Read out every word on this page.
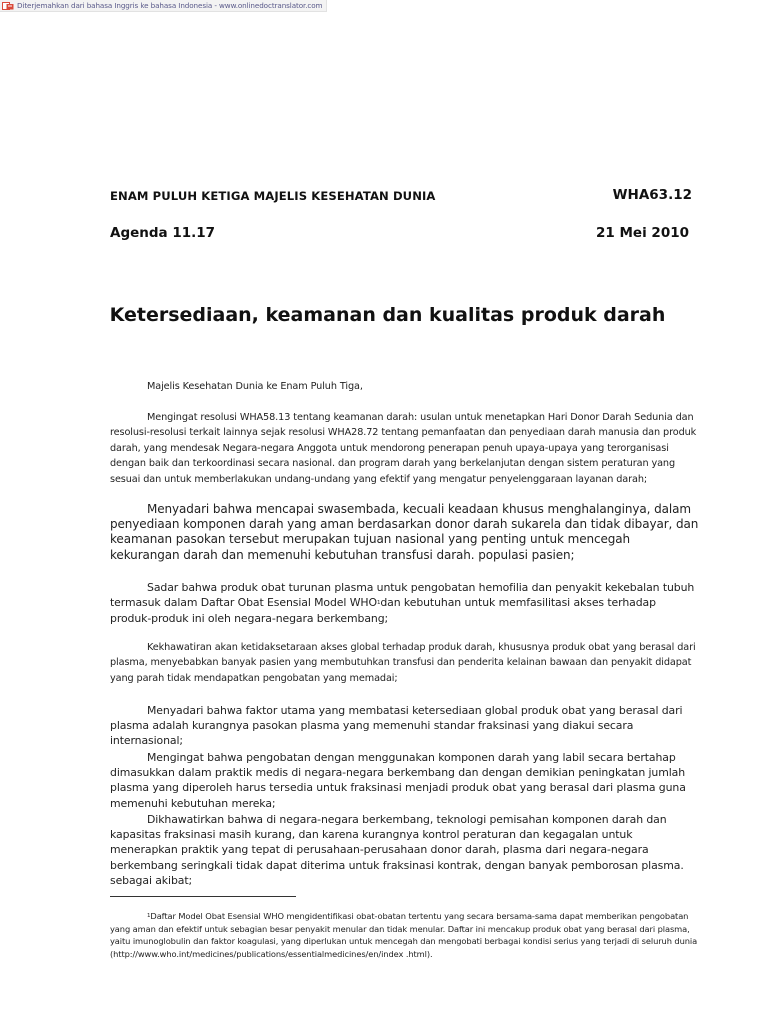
Diterjemahkan dari bahasa Inggris ke bahasa Indonesia - www.onlinedoctranslator.com
ENAM PULUH KETIGA MAJELIS KESEHATAN DUNIA	WHA63.12
Agenda 11.17	21 Mei 2010
Ketersediaan, keamanan dan kualitas produk darah

Majelis Kesehatan Dunia ke Enam Puluh Tiga,

Mengingat resolusi WHA58.13 tentang keamanan darah: usulan untuk menetapkan Hari Donor Darah Sedunia dan resolusi-resolusi terkait lainnya sejak resolusi WHA28.72 tentang pemanfaatan dan penyediaan darah manusia dan produk darah, yang mendesak Negara-negara Anggota untuk mendorong penerapan penuh upaya-upaya yang terorganisasi dengan baik dan terkoordinasi secara nasional. dan program darah yang berkelanjutan dengan sistem peraturan yang sesuai dan untuk memberlakukan undang-undang yang efektif yang mengatur penyelenggaraan layanan darah;

Menyadari bahwa mencapai swasembada, kecuali keadaan khusus menghalanginya, dalam penyediaan komponen darah yang aman berdasarkan donor darah sukarela dan tidak dibayar, dan keamanan pasokan tersebut merupakan tujuan nasional yang penting untuk mencegah kekurangan darah dan memenuhi kebutuhan transfusi darah. populasi pasien;

Sadar bahwa produk obat turunan plasma untuk pengobatan hemofilia dan penyakit kekebalan tubuh termasuk dalam Daftar Obat Esensial Model WHO$^1$dan kebutuhan untuk memfasilitasi akses terhadap produk-produk ini oleh negara-negara berkembang;

Kekhawatiran akan ketidaksetaraan akses global terhadap produk darah, khususnya produk obat yang berasal dari plasma, menyebabkan banyak pasien yang membutuhkan transfusi dan penderita kelainan bawaan dan penyakit didapat yang parah tidak mendapatkan pengobatan yang memadai;

Menyadari bahwa faktor utama yang membatasi ketersediaan global produk obat yang berasal dari plasma adalah kurangnya pasokan plasma yang memenuhi standar fraksinasi yang diakui secara internasional;

Mengingat bahwa pengobatan dengan menggunakan komponen darah yang labil secara bertahap dimasukkan dalam praktik medis di negara-negara berkembang dan dengan demikian peningkatan jumlah plasma yang diperoleh harus tersedia untuk fraksinasi menjadi produk obat yang berasal dari plasma guna memenuhi kebutuhan mereka;

Dikhawatirkan bahwa di negara-negara berkembang, teknologi pemisahan komponen darah dan kapasitas fraksinasi masih kurang, dan karena kurangnya kontrol peraturan dan kegagalan untuk menerapkan praktik yang tepat di perusahaan-perusahaan donor darah, plasma dari negara-negara berkembang seringkali tidak dapat diterima untuk fraksinasi kontrak, dengan banyak pemborosan plasma. sebagai akibat;

$^1$Daftar Model Obat Esensial WHO mengidentifikasi obat-obatan tertentu yang secara bersama-sama dapat memberikan pengobatan yang aman dan efektif untuk sebagian besar penyakit menular dan tidak menular. Daftar ini mencakup produk obat yang berasal dari plasma, yaitu imunoglobulin dan faktor koagulasi, yang diperlukan untuk mencegah dan mengobati berbagai kondisi serius yang terjadi di seluruh dunia (http://www.who.int/medicines/publications/essentialmedicines/en/index .html).
